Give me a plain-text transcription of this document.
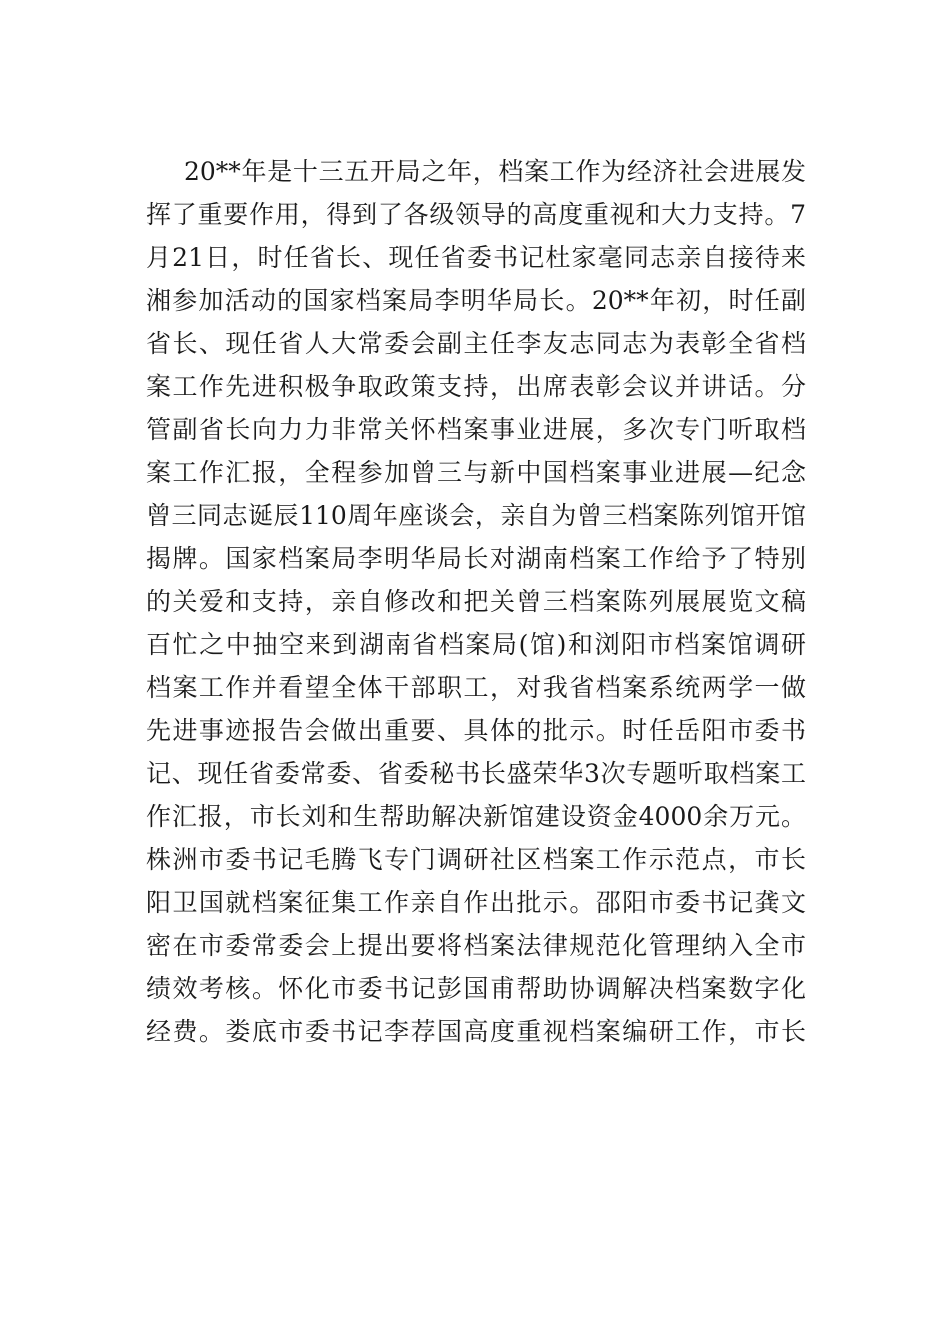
20**年是十三五开局之年，档案工作为经济社会进展发
挥了重要作用，得到了各级领导的高度重视和大力支持。7
月21日，时任省长、现任省委书记杜家毫同志亲自接待来
湘参加活动的国家档案局李明华局长。20**年初，时任副
省长、现任省人大常委会副主任李友志同志为表彰全省档
案工作先进积极争取政策支持，出席表彰会议并讲话。分
管副省长向力力非常关怀档案事业进展，多次专门听取档
案工作汇报，全程参加曾三与新中国档案事业进展—纪念
曾三同志诞辰110周年座谈会，亲自为曾三档案陈列馆开馆
揭牌。国家档案局李明华局长对湖南档案工作给予了特别
的关爱和支持，亲自修改和把关曾三档案陈列展展览文稿
百忙之中抽空来到湖南省档案局(馆)和浏阳市档案馆调研
档案工作并看望全体干部职工，对我省档案系统两学一做
先进事迹报告会做出重要、具体的批示。时任岳阳市委书
记、现任省委常委、省委秘书长盛荣华3次专题听取档案工
作汇报，市长刘和生帮助解决新馆建设资金4000余万元。
株洲市委书记毛腾飞专门调研社区档案工作示范点，市长
阳卫国就档案征集工作亲自作出批示。邵阳市委书记龚文
密在市委常委会上提出要将档案法律规范化管理纳入全市
绩效考核。怀化市委书记彭国甫帮助协调解决档案数字化
经费。娄底市委书记李荐国高度重视档案编研工作，市长
